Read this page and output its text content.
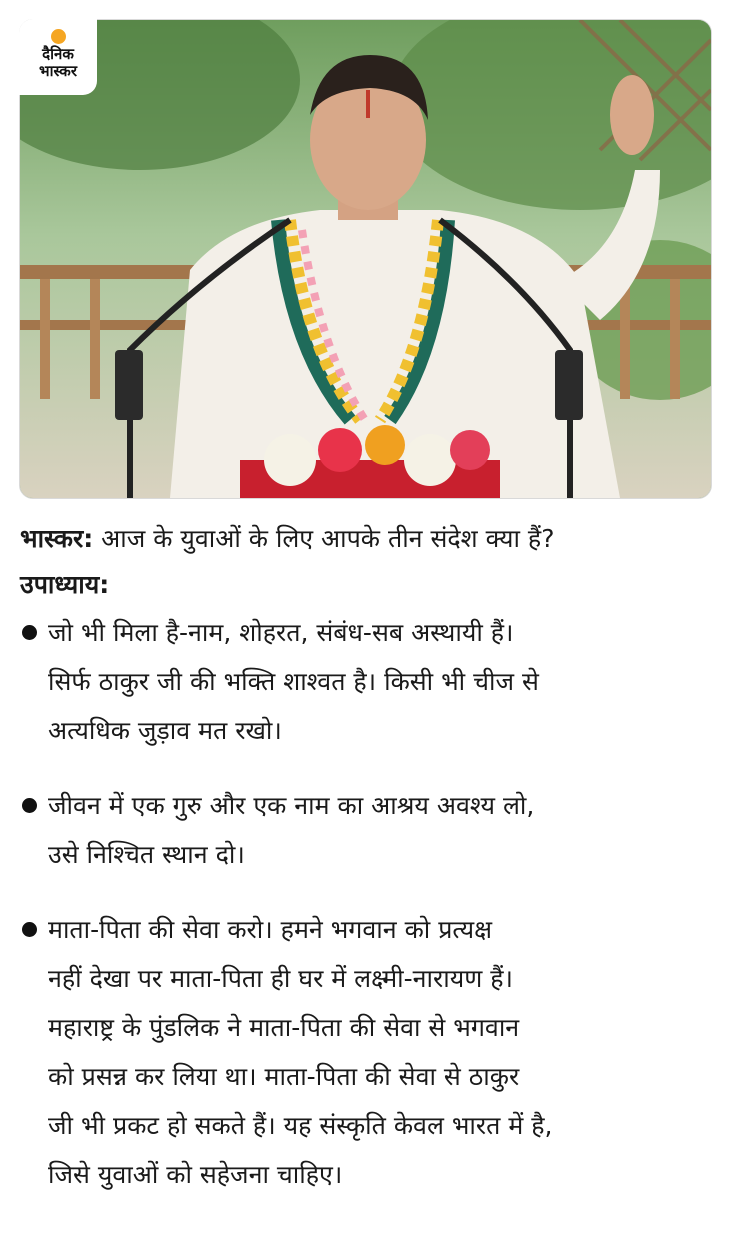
दैनिक
भास्कर

भास्कर: आज के युवाओं के लिए आपके तीन संदेश क्या हैं?

उपाध्याय:
जो भी मिला है-नाम, शोहरत, संबंध-सब अस्थायी हैं।
सिर्फ ठाकुर जी की भक्ति शाश्वत है। किसी भी चीज से
अत्यधिक जुड़ाव मत रखो।
जीवन में एक गुरु और एक नाम का आश्रय अवश्य लो,
उसे निश्चित स्थान दो।
माता-पिता की सेवा करो। हमने भगवान को प्रत्यक्ष
नहीं देखा पर माता-पिता ही घर में लक्ष्मी-नारायण हैं।
महाराष्ट्र के पुंडलिक ने माता-पिता की सेवा से भगवान
को प्रसन्न कर लिया था। माता-पिता की सेवा से ठाकुर
जी भी प्रकट हो सकते हैं। यह संस्कृति केवल भारत में है,
जिसे युवाओं को सहेजना चाहिए।
